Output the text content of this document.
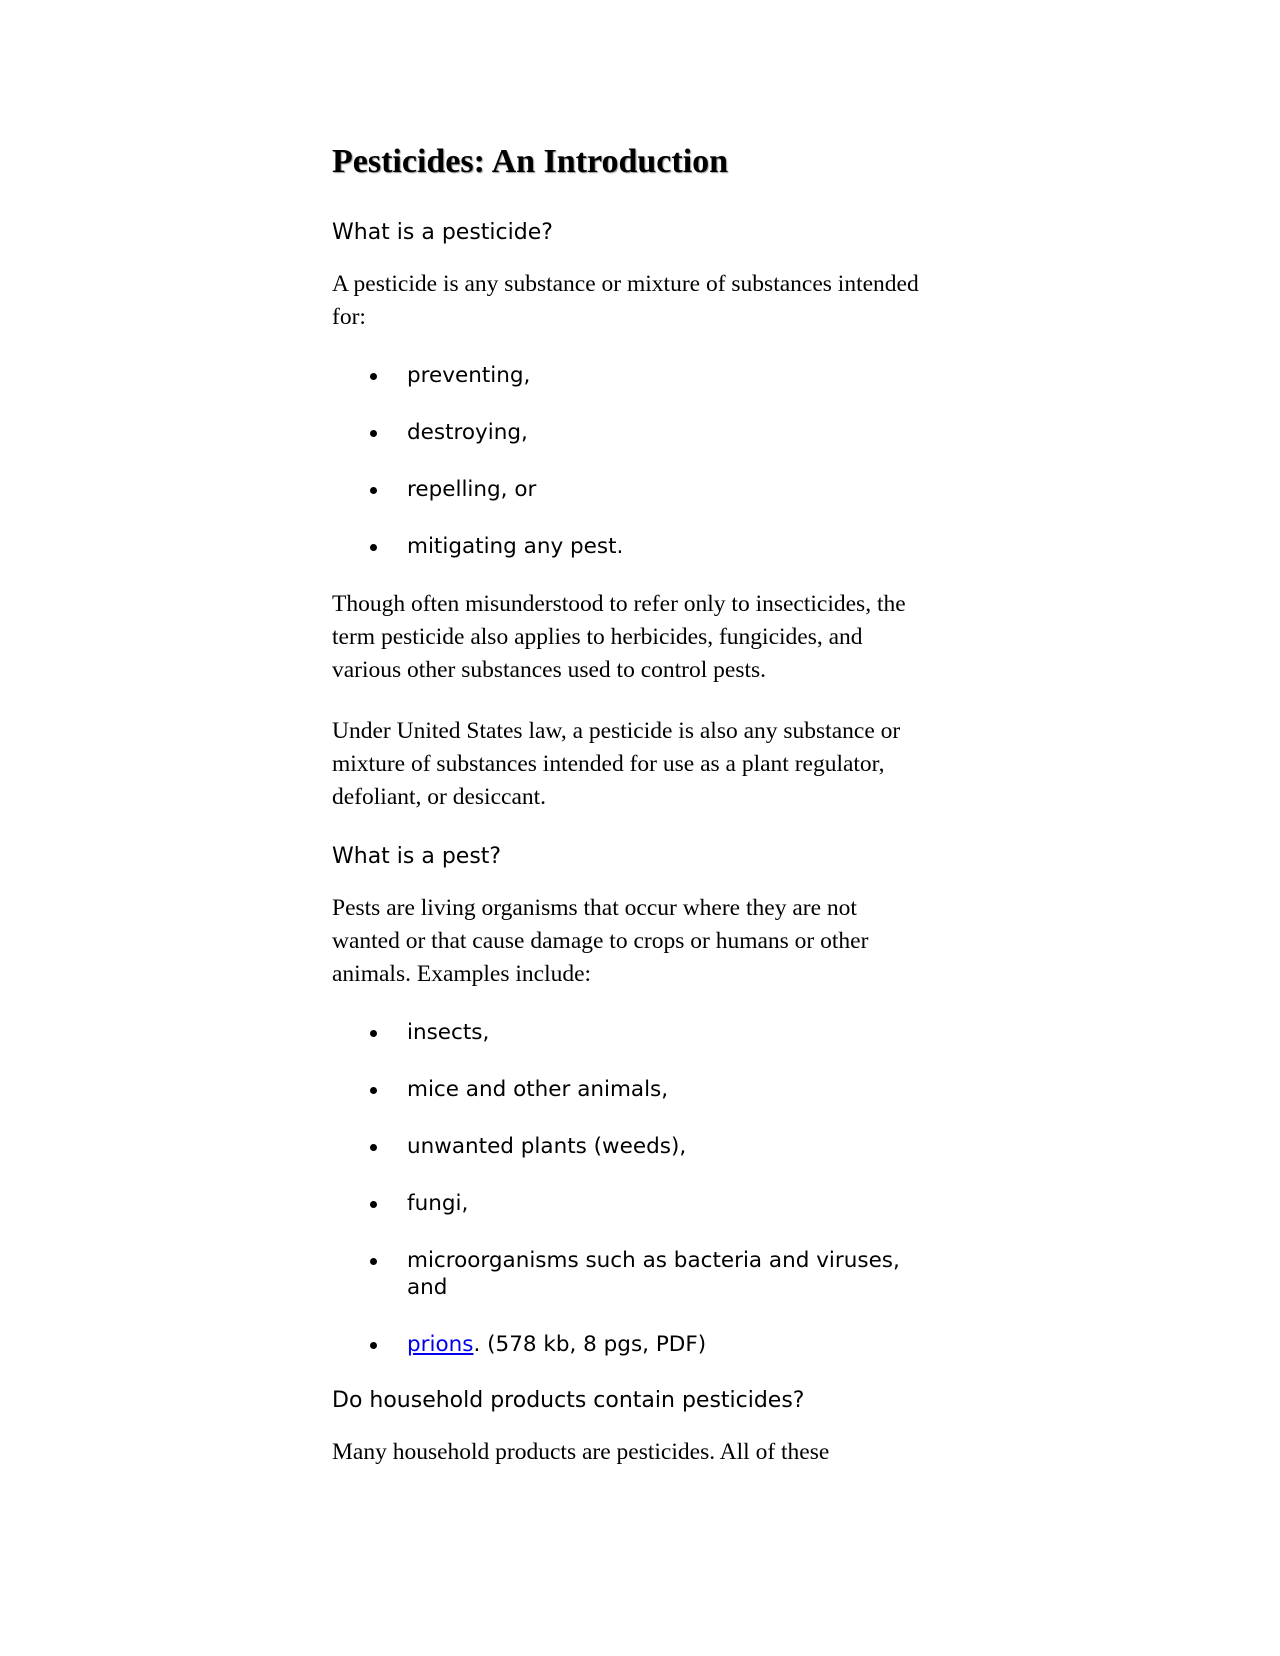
Pesticides: An Introduction
What is a pesticide?

A pesticide is any substance or mixture of substances intended for:

preventing,
destroying,
repelling, or
mitigating any pest.

Though often misunderstood to refer only to insecticides, the term pesticide also applies to herbicides, fungicides, and various other substances used to control pests.

Under United States law, a pesticide is also any substance or mixture of substances intended for use as a plant regulator, defoliant, or desiccant.

What is a pest?

Pests are living organisms that occur where they are not wanted or that cause damage to crops or humans or other animals. Examples include:

insects,
mice and other animals,
unwanted plants (weeds),
fungi,
microorganisms such as bacteria and viruses, and
prions. (578 kb, 8 pgs, PDF)
Do household products contain pesticides?

Many household products are pesticides. All of these
